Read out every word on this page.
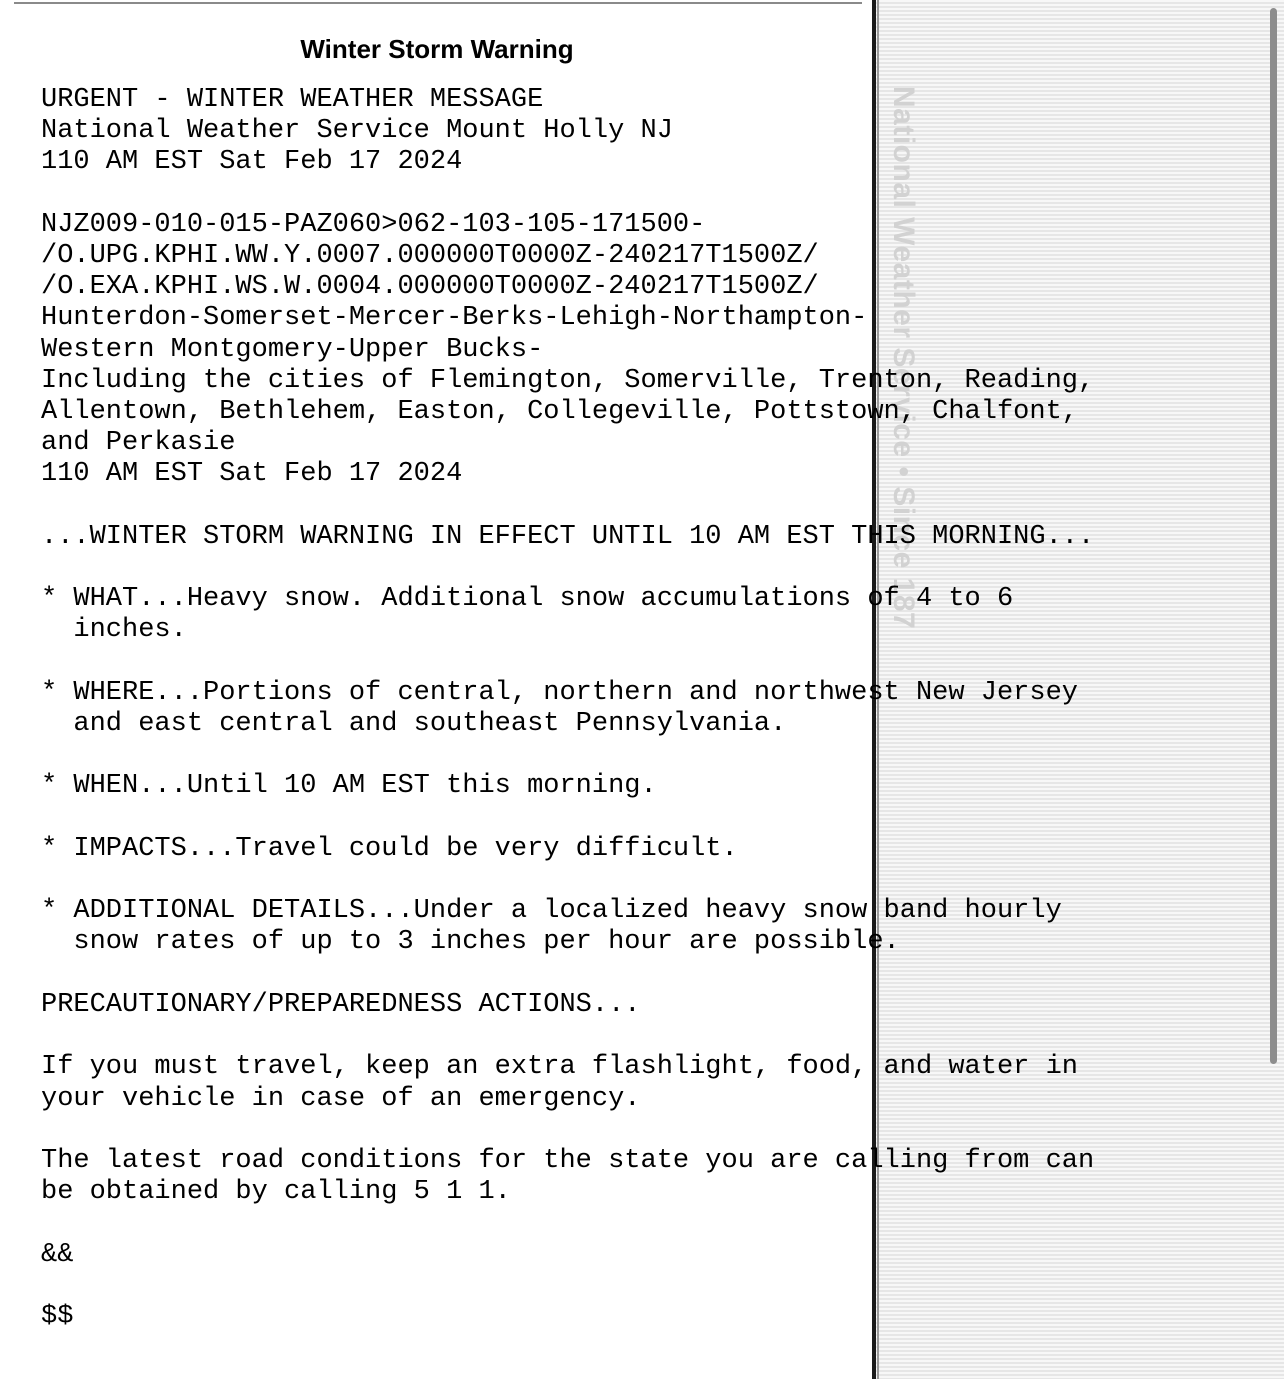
National Weather Service • Since 187
Winter Storm Warning
URGENT - WINTER WEATHER MESSAGE
National Weather Service Mount Holly NJ
110 AM EST Sat Feb 17 2024

NJZ009-010-015-PAZ060>062-103-105-171500-
/O.UPG.KPHI.WW.Y.0007.000000T0000Z-240217T1500Z/
/O.EXA.KPHI.WS.W.0004.000000T0000Z-240217T1500Z/
Hunterdon-Somerset-Mercer-Berks-Lehigh-Northampton-
Western Montgomery-Upper Bucks-
Including the cities of Flemington, Somerville, Trenton, Reading,
Allentown, Bethlehem, Easton, Collegeville, Pottstown, Chalfont,
and Perkasie
110 AM EST Sat Feb 17 2024

...WINTER STORM WARNING IN EFFECT UNTIL 10 AM EST THIS MORNING...

* WHAT...Heavy snow. Additional snow accumulations of 4 to 6
inches.

* WHERE...Portions of central, northern and northwest New Jersey
and east central and southeast Pennsylvania.

* WHEN...Until 10 AM EST this morning.

* IMPACTS...Travel could be very difficult.

* ADDITIONAL DETAILS...Under a localized heavy snow band hourly
snow rates of up to 3 inches per hour are possible.

PRECAUTIONARY/PREPAREDNESS ACTIONS...

If you must travel, keep an extra flashlight, food, and water in
your vehicle in case of an emergency.

The latest road conditions for the state you are calling from can
be obtained by calling 5 1 1.

&&

$$
